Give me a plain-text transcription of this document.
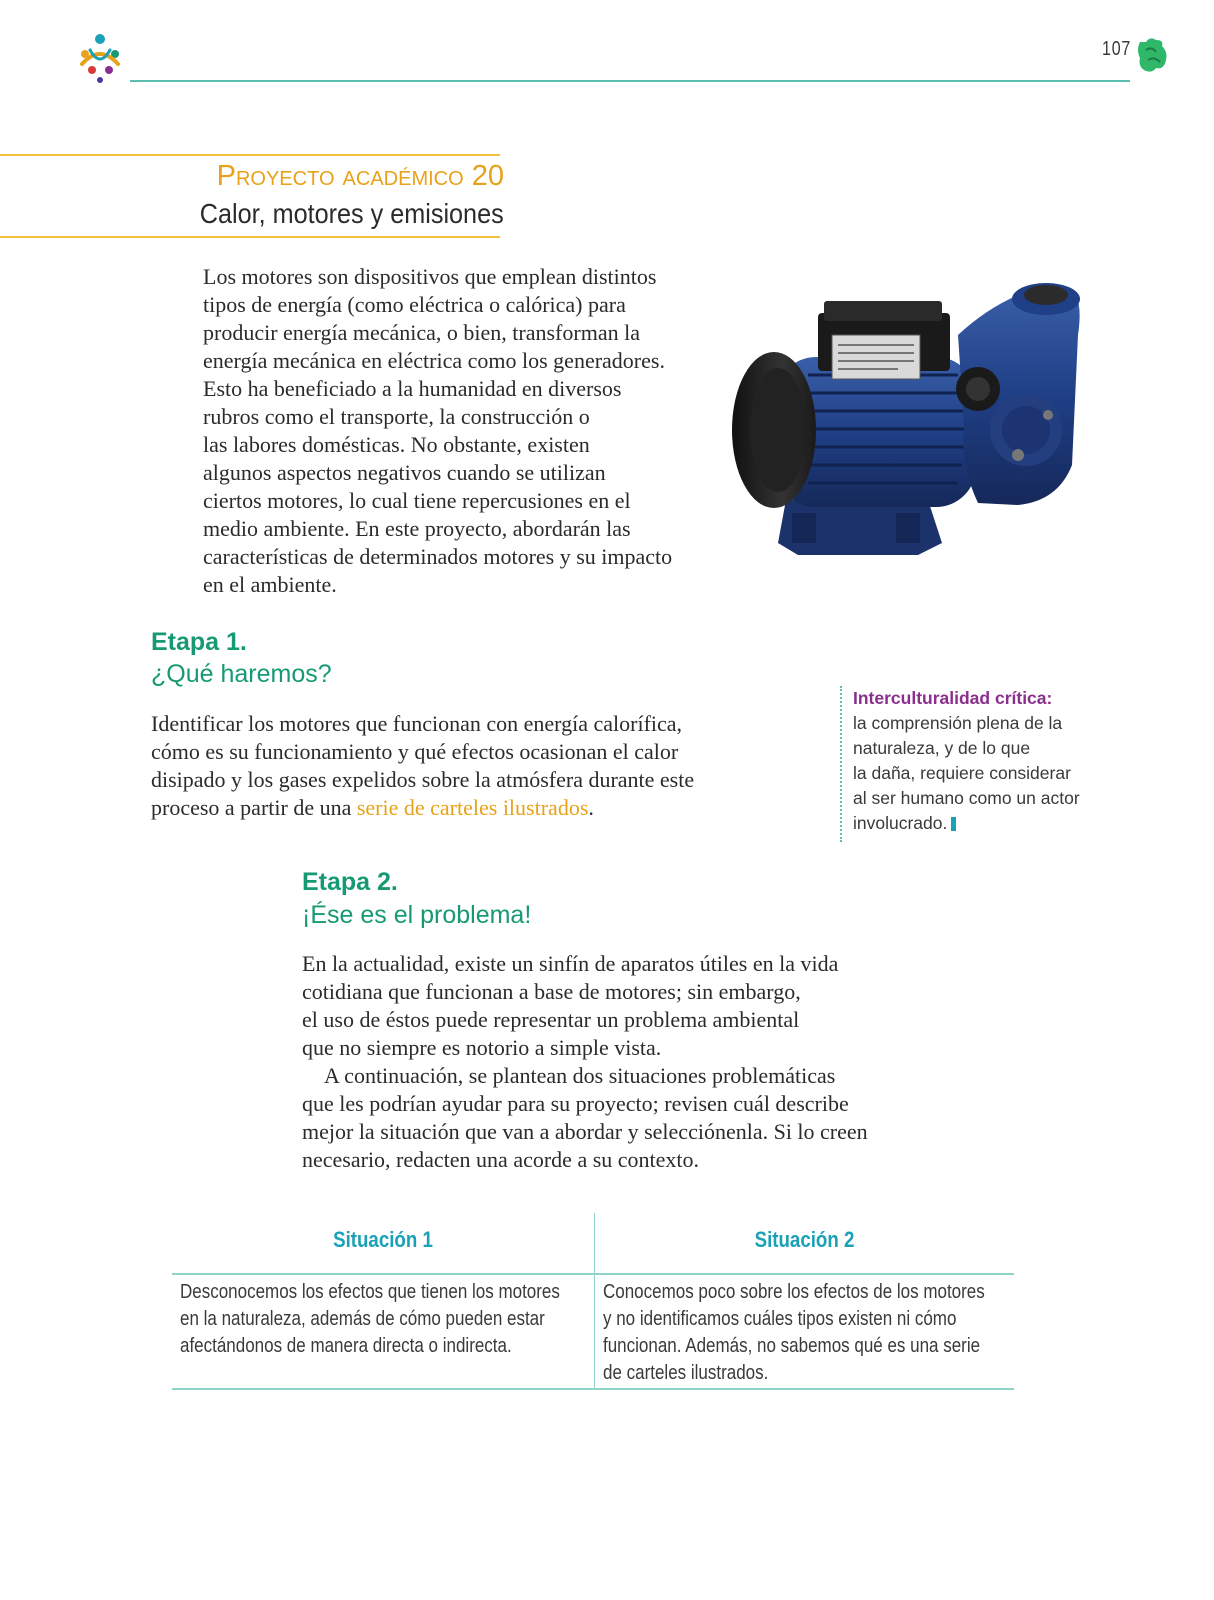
107
Proyecto académico 20
Calor, motores y emisiones

Los motores son dispositivos que emplean distintos

tipos de energía (como eléctrica o calórica) para

producir energía mecánica, o bien, transforman la

energía mecánica en eléctrica como los generadores.

Esto ha beneficiado a la humanidad en diversos

rubros como el transporte, la construcción o

las labores domésticas. No obstante, existen

algunos aspectos negativos cuando se utilizan

ciertos motores, lo cual tiene repercusiones en el

medio ambiente. En este proyecto, abordarán las

características de determinados motores y su impacto

en el ambiente.

Etapa 1.
¿Qué haremos?

Identificar los motores que funcionan con energía calorífica,

cómo es su funcionamiento y qué efectos ocasionan el calor

disipado y los gases expelidos sobre la atmósfera durante este

proceso a partir de una serie de carteles ilustrados.

Interculturalidad crítica:
la comprensión plena de la
naturaleza, y de lo que
la daña, requiere considerar
al ser humano como un actor
involucrado.
Etapa 2.
¡Ése es el problema!

En la actualidad, existe un sinfín de aparatos útiles en la vida

cotidiana que funcionan a base de motores; sin embargo,

el uso de éstos puede representar un problema ambiental

que no siempre es notorio a simple vista.

A continuación, se plantean dos situaciones problemáticas

que les podrían ayudar para su proyecto; revisen cuál describe

mejor la situación que van a abordar y selecciónenla. Si lo creen

necesario, redacten una acorde a su contexto.

Situación 1
Desconocemos los efectos que tienen los motores
en la naturaleza, además de cómo pueden estar
afectándonos de manera directa o indirecta.
Situación 2
Conocemos poco sobre los efectos de los motores
y no identificamos cuáles tipos existen ni cómo
funcionan. Además, no sabemos qué es una serie
de carteles ilustrados.
